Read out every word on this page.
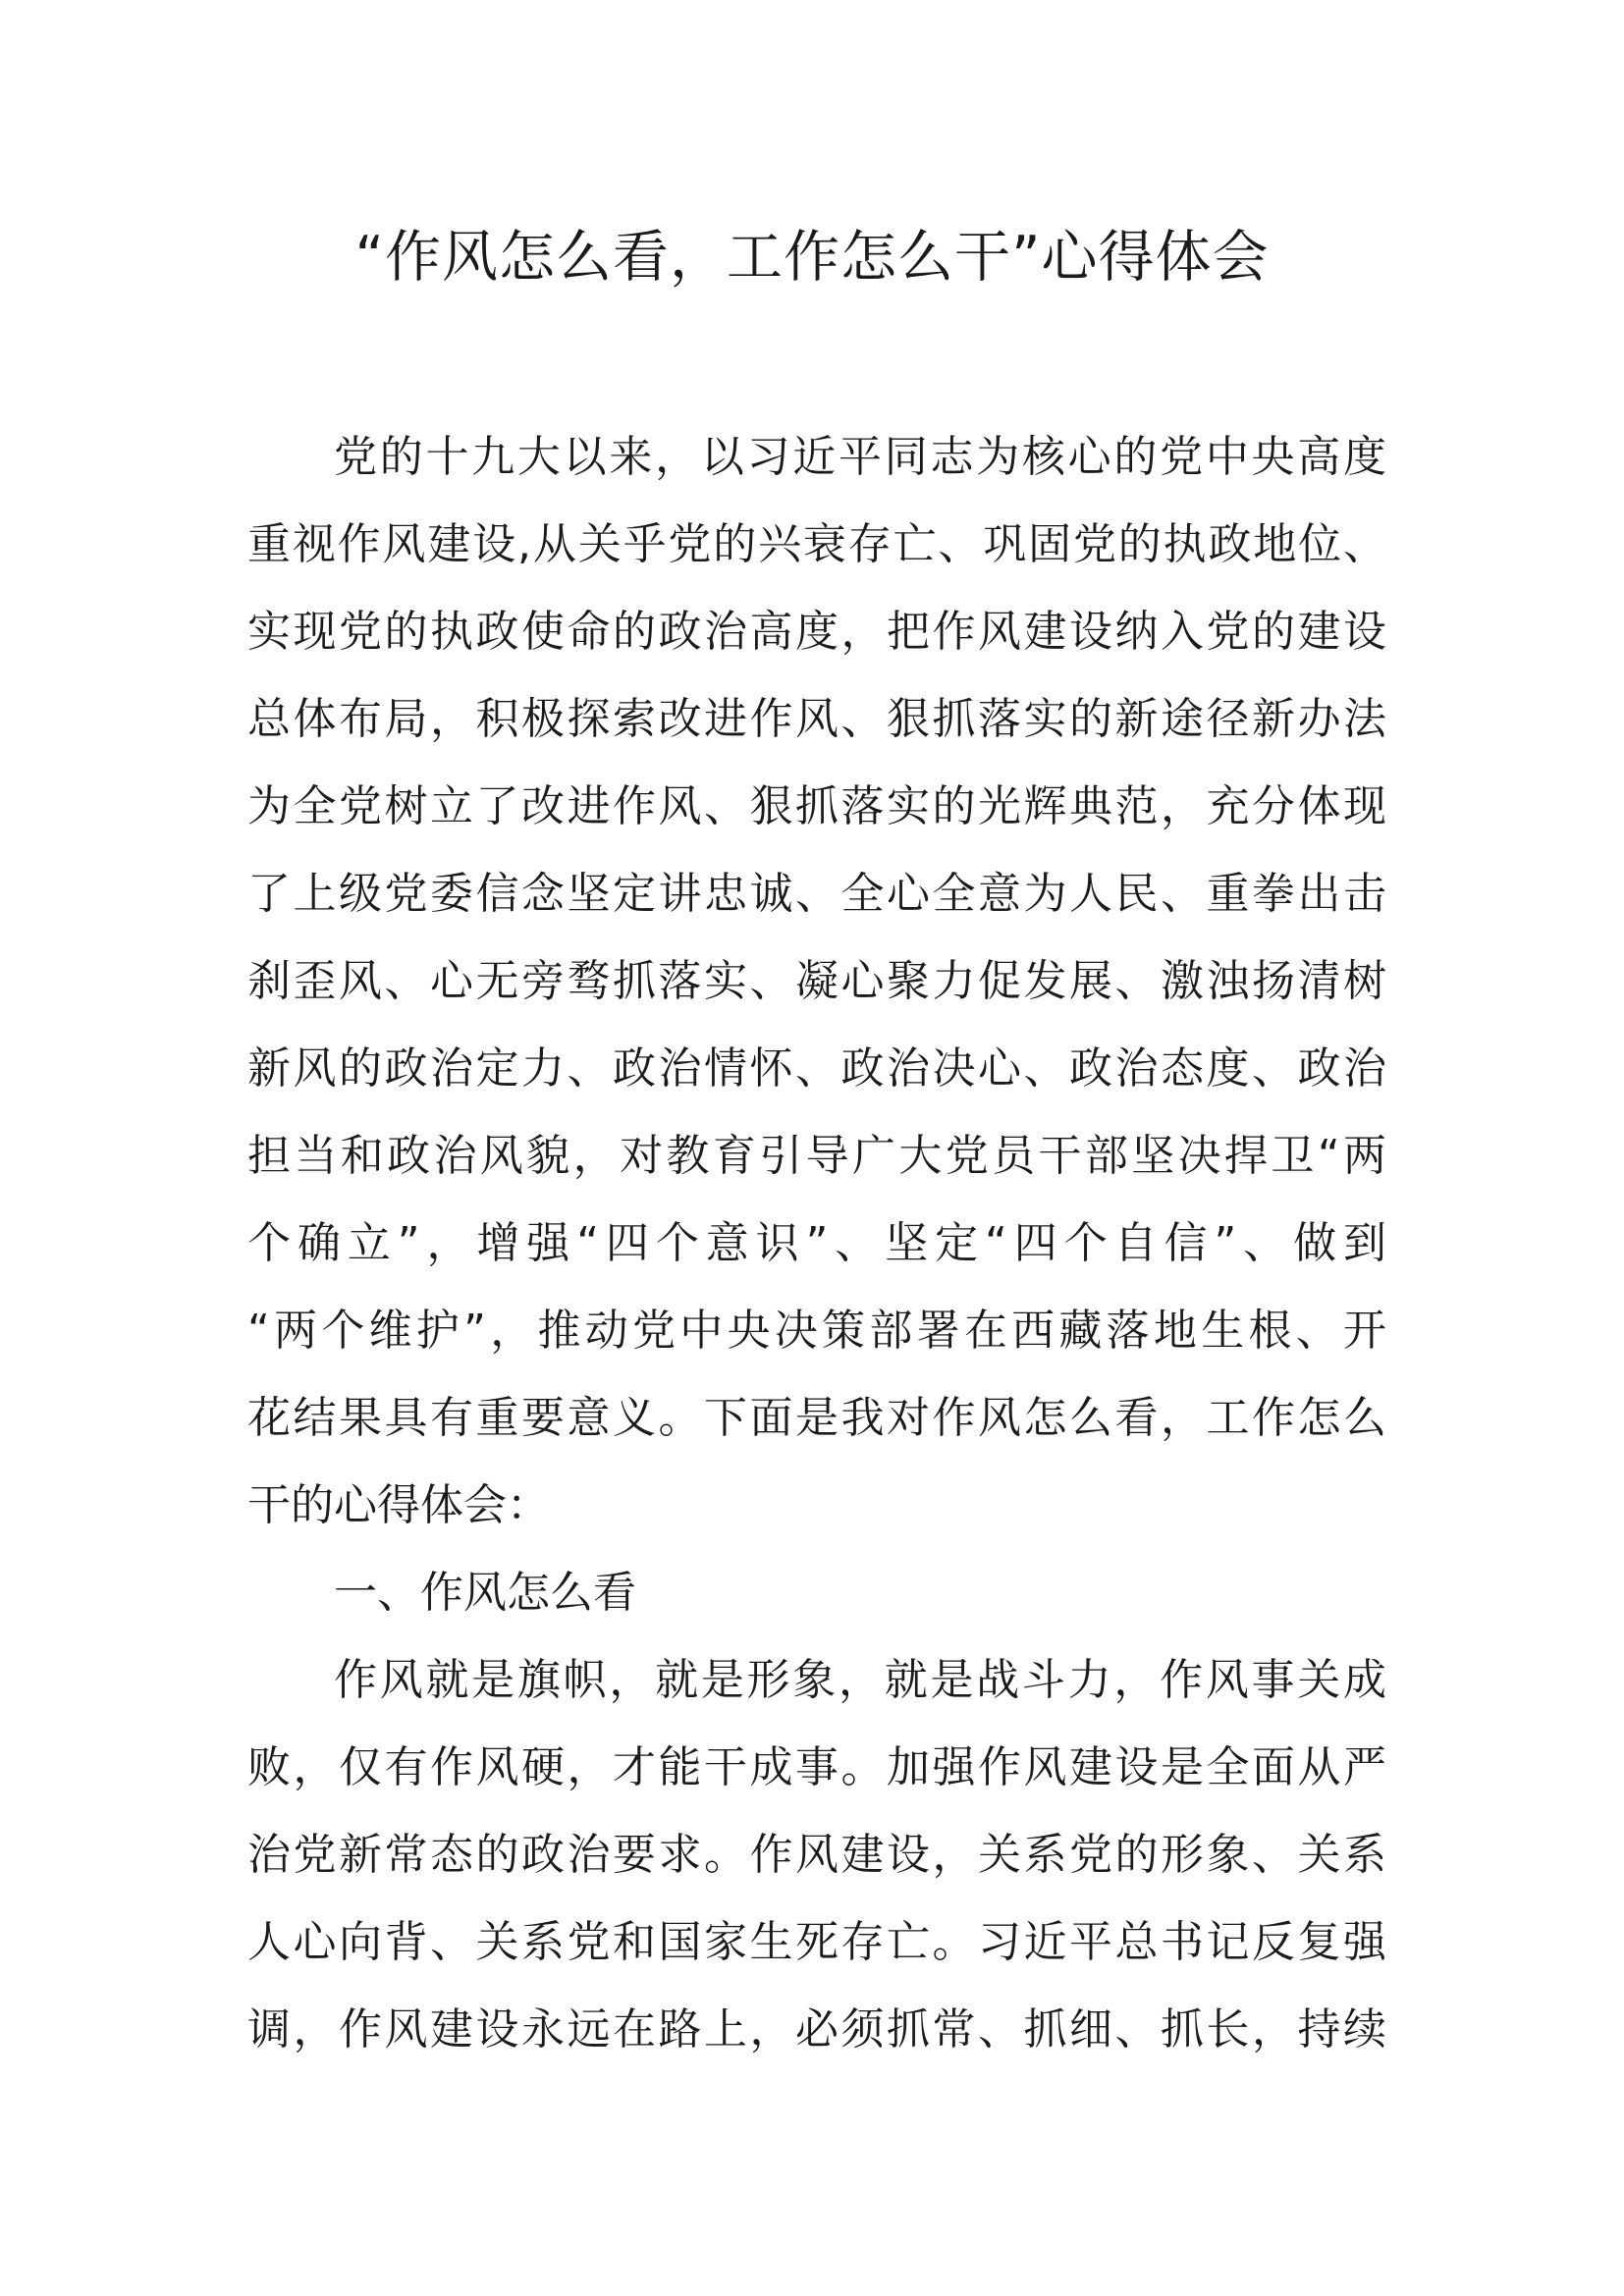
“作风怎么看，工作怎么干”心得体会
党的十九大以来，以习近平同志为核心的党中央高度
重视作风建设,从关乎党的兴衰存亡、巩固党的执政地位、
实现党的执政使命的政治高度，把作风建设纳入党的建设
总体布局，积极探索改进作风、狠抓落实的新途径新办法
为全党树立了改进作风、狠抓落实的光辉典范，充分体现
了上级党委信念坚定讲忠诚、全心全意为人民、重拳出击
刹歪风、心无旁骛抓落实、凝心聚力促发展、激浊扬清树
新风的政治定力、政治情怀、政治决心、政治态度、政治
担当和政治风貌，对教育引导广大党员干部坚决捍卫“两
个确立”，增强“四个意识”、坚定“四个自信”、做到
“两个维护”，推动党中央决策部署在西藏落地生根、开
花结果具有重要意义。下面是我对作风怎么看，工作怎么
干的心得体会：
一、作风怎么看
作风就是旗帜，就是形象，就是战斗力，作风事关成
败，仅有作风硬，才能干成事。加强作风建设是全面从严
治党新常态的政治要求。作风建设，关系党的形象、关系
人心向背、关系党和国家生死存亡。习近平总书记反复强
调，作风建设永远在路上，必须抓常、抓细、抓长，持续
